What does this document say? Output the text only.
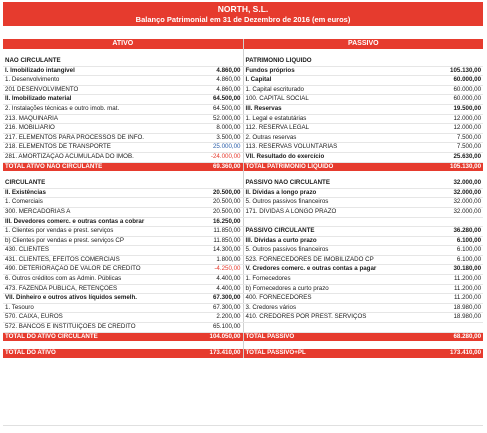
NORTH, S.L.
Balanço Patrimonial em 31 de Dezembro de 2016 (em euros)
ATIVO		PASSIVO	

NÃO CIRCULANTE		PATRIMÓNIO LÍQUIDO	
I. Imobilizado intangível	4.860,00	Fundos próprios	105.130,00
1. Desenvolvimento	4.860,00	I. Capital	60.000,00
201 DESENVOLVIMENTO	4.860,00	1. Capital escriturado	60.000,00
II. Imobilizado material	64.500,00	100. CAPITAL SOCIAL	60.000,00
2. Instalações técnicas e outro imob. mat.	64.500,00	III. Reservas	19.500,00
213. MAQUINARIA	52.000,00	1. Legal e estatutárias	12.000,00
216. MOBILIÁRIO	8.000,00	112. RESERVA LEGAL	12.000,00
217. ELEMENTOS PARA PROCESSOS DE INFO.	3.500,00	2. Outras reservas	7.500,00
218. ELEMENTOS DE TRANSPORTE	25.000,00	113. RESERVAS VOLUNTÁRIAS	7.500,00
281. AMORTIZAÇÃO ACUMULADA DO IMOB.	-24.000,00	VII. Resultado do exercício	25.630,00
TOTAL ATIVO NÃO CIRCULANTE	69.360,00	TOTAL PATRIMÓNIO LÍQUIDO	105.130,00

CIRCULANTE		PASSIVO NÃO CIRCULANTE	32.000,00
II. Existências	20.500,00	II. Dívidas a longo prazo	32.000,00
1. Comerciais	20.500,00	5. Outros passivos financeiros	32.000,00
300. MERCADORIAS A	20.500,00	171. DÍVIDAS A LONGO PRAZO	32.000,00
III. Devedores comerc. e outras contas a cobrar	16.250,00		
1. Clientes por vendas e prest. serviços	11.850,00	PASSIVO CIRCULANTE	36.280,00
b) Clientes por vendas e prest. serviços CP	11.850,00	III. Dívidas a curto prazo	6.100,00
430. CLIENTES	14.300,00	5. Outros passivos financeiros	6.100,00
431. CLIENTES, EFEITOS COMERCIAIS	1.800,00	523. FORNECEDORES DE IMOBILIZADO CP	6.100,00
490. DETERIORAÇÃO DE VALOR DE CRÉDITO	-4.250,00	V. Credores comerc. e outras contas a pagar	30.180,00
6. Outros créditos com as Admin. Públicas	4.400,00	1. Fornecedores	11.200,00
473. FAZENDA PÚBLICA, RETENÇÕES	4.400,00	b) Fornecedores a curto prazo	11.200,00
VII. Dinheiro e outros ativos líquidos semelh.	67.300,00	400. FORNECEDORES	11.200,00
1. Tesouro	67.300,00	3. Credores vários	18.980,00
570. CAIXA, EUROS	2.200,00	410. CREDORES POR PREST. SERVIÇOS	18.980,00
572. BANCOS E INSTITUIÇÕES DE CRÉDITO	65.100,00		
TOTAL DO ATIVO CIRCULANTE	104.050,00	TOTAL PASSIVO	68.280,00

TOTAL DO ATIVO	173.410,00	TOTAL PASSIVO+PL	173.410,00
